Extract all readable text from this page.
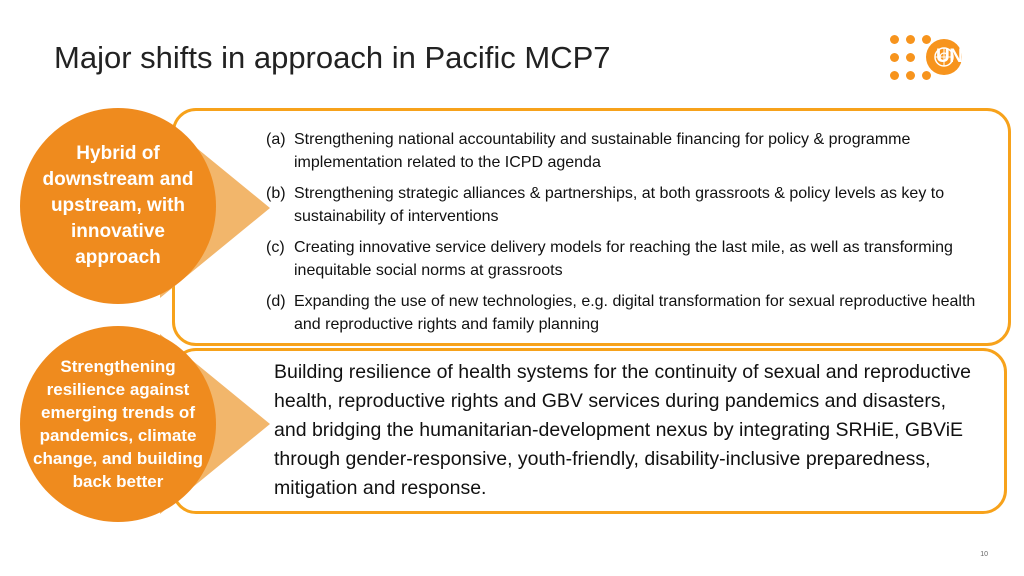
Major shifts in approach in Pacific MCP7	UNFPA
Hybrid of downstream and upstream, with innovative approach
(a) Strengthening national accountability and sustainable financing for policy & programme implementation related to the ICPD agenda
(b) Strengthening strategic alliances & partnerships, at both grassroots & policy levels as key to sustainability of interventions
(c) Creating innovative service delivery models for reaching the last mile, as well as transforming inequitable social norms at grassroots
(d) Expanding the use of new technologies, e.g. digital transformation for sexual reproductive health and reproductive rights and family planning
Strengthening resilience against emerging trends of pandemics, climate change, and building back better
Building resilience of health systems for the continuity of sexual and reproductive health, reproductive rights and GBV services during pandemics and disasters, and bridging the humanitarian-development nexus by integrating SRHiE, GBViE through gender-responsive, youth-friendly, disability-inclusive preparedness, mitigation and response.
10
